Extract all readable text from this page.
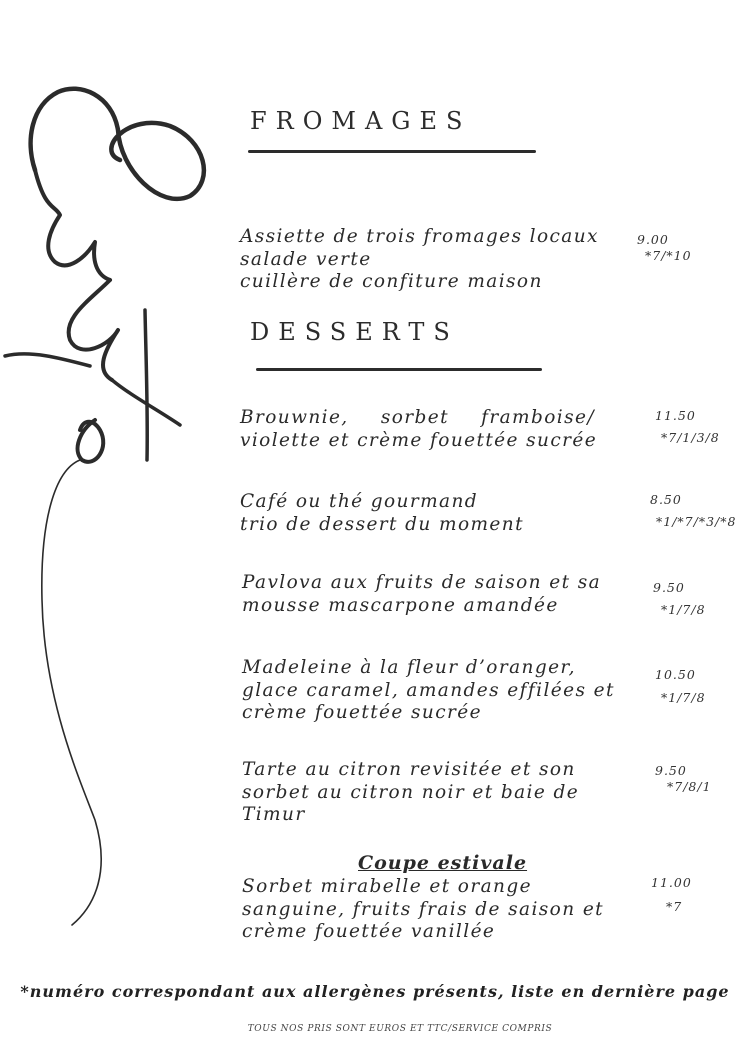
FROMAGES
Assiette de trois fromages locaux
salade verte
cuillère de confiture maison
9.00
*7/*10
DESSERTS
Brouwnie, sorbet framboise/
violette et crème fouettée sucrée
11.50
*7/1/3/8
Café ou thé gourmand
trio de dessert du moment
8.50
*1/*7/*3/*8
Pavlova aux fruits de saison et sa
mousse mascarpone amandée
9.50
*1/7/8
Madeleine à la fleur d’oranger,
glace caramel, amandes effilées et
crème fouettée sucrée
10.50
*1/7/8
Tarte au citron revisitée et son
sorbet au citron noir et baie de
Timur
9.50
*7/8/1
Coupe estivale
Sorbet mirabelle et orange
sanguine, fruits frais de saison et
crème fouettée vanillée
11.00
*7
*numéro correspondant aux allergènes présents, liste en dernière page
TOUS NOS PRIS SONT EUROS ET TTC/SERVICE COMPRIS
